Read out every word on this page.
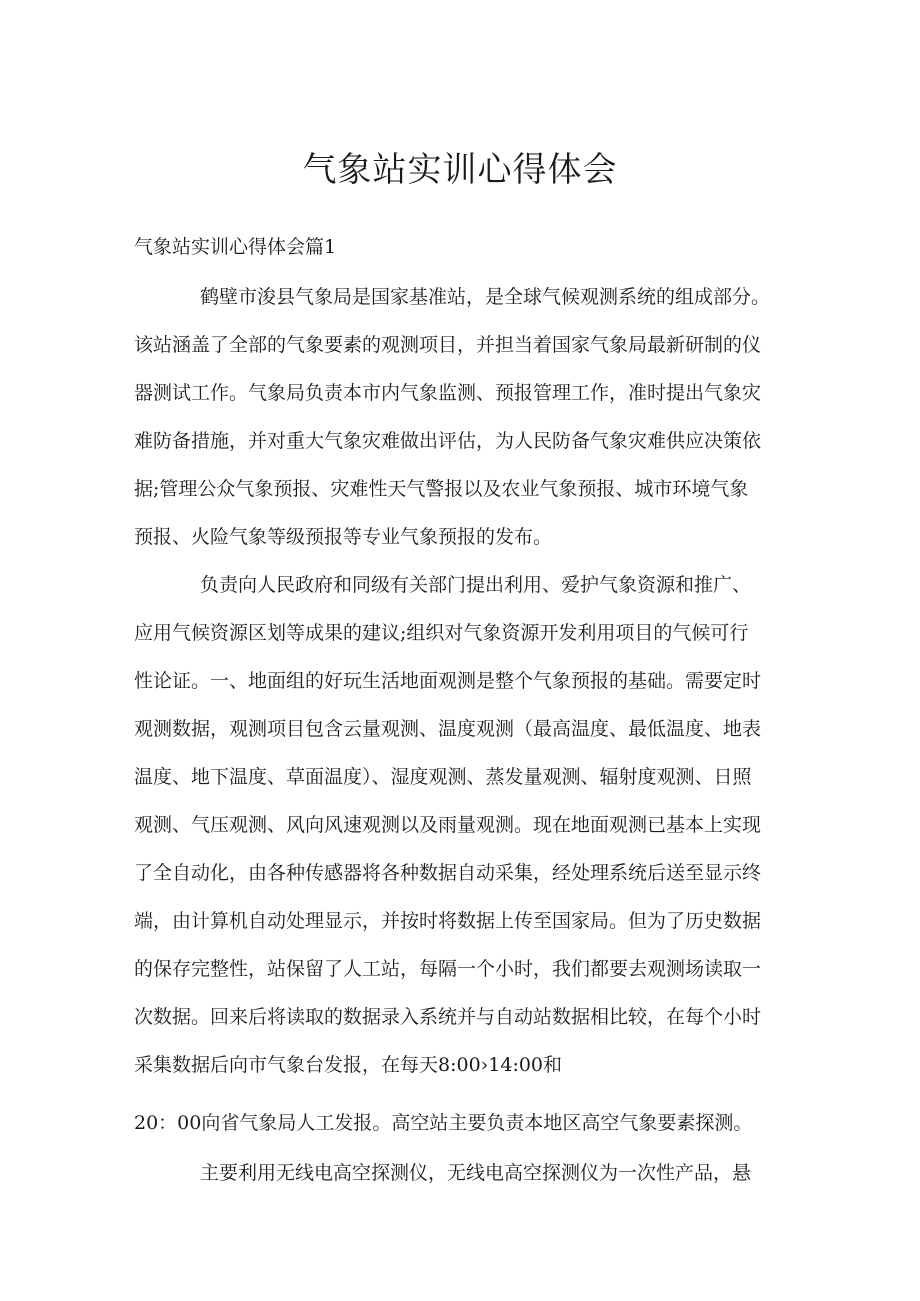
气象站实训心得体会

气象站实训心得体会篇1

鹤壁市浚县气象局是国家基准站，是全球气候观测系统的组成部分。

该站涵盖了全部的气象要素的观测项目，并担当着国家气象局最新研制的仪

器测试工作。气象局负责本市内气象监测、预报管理工作，准时提出气象灾

难防备措施，并对重大气象灾难做出评估，为人民防备气象灾难供应决策依

据;管理公众气象预报、灾难性天气警报以及农业气象预报、城市环境气象

预报、火险气象等级预报等专业气象预报的发布。

负责向人民政府和同级有关部门提出利用、爱护气象资源和推广、

应用气候资源区划等成果的建议;组织对气象资源开发利用项目的气候可行

性论证。一、地面组的好玩生活地面观测是整个气象预报的基础。需要定时

观测数据，观测项目包含云量观测、温度观测（最高温度、最低温度、地表

温度、地下温度、草面温度）、湿度观测、蒸发量观测、辐射度观测、日照

观测、气压观测、风向风速观测以及雨量观测。现在地面观测已基本上实现

了全自动化，由各种传感器将各种数据自动采集，经处理系统后送至显示终

端，由计算机自动处理显示，并按时将数据上传至国家局。但为了历史数据

的保存完整性，站保留了人工站，每隔一个小时，我们都要去观测场读取一

次数据。回来后将读取的数据录入系统并与自动站数据相比较，在每个小时

采集数据后向市气象台发报，在每天8:00›14:00和

20：00向省气象局人工发报。高空站主要负责本地区高空气象要素探测。

主要利用无线电高空探测仪，无线电高空探测仪为一次性产品，悬
